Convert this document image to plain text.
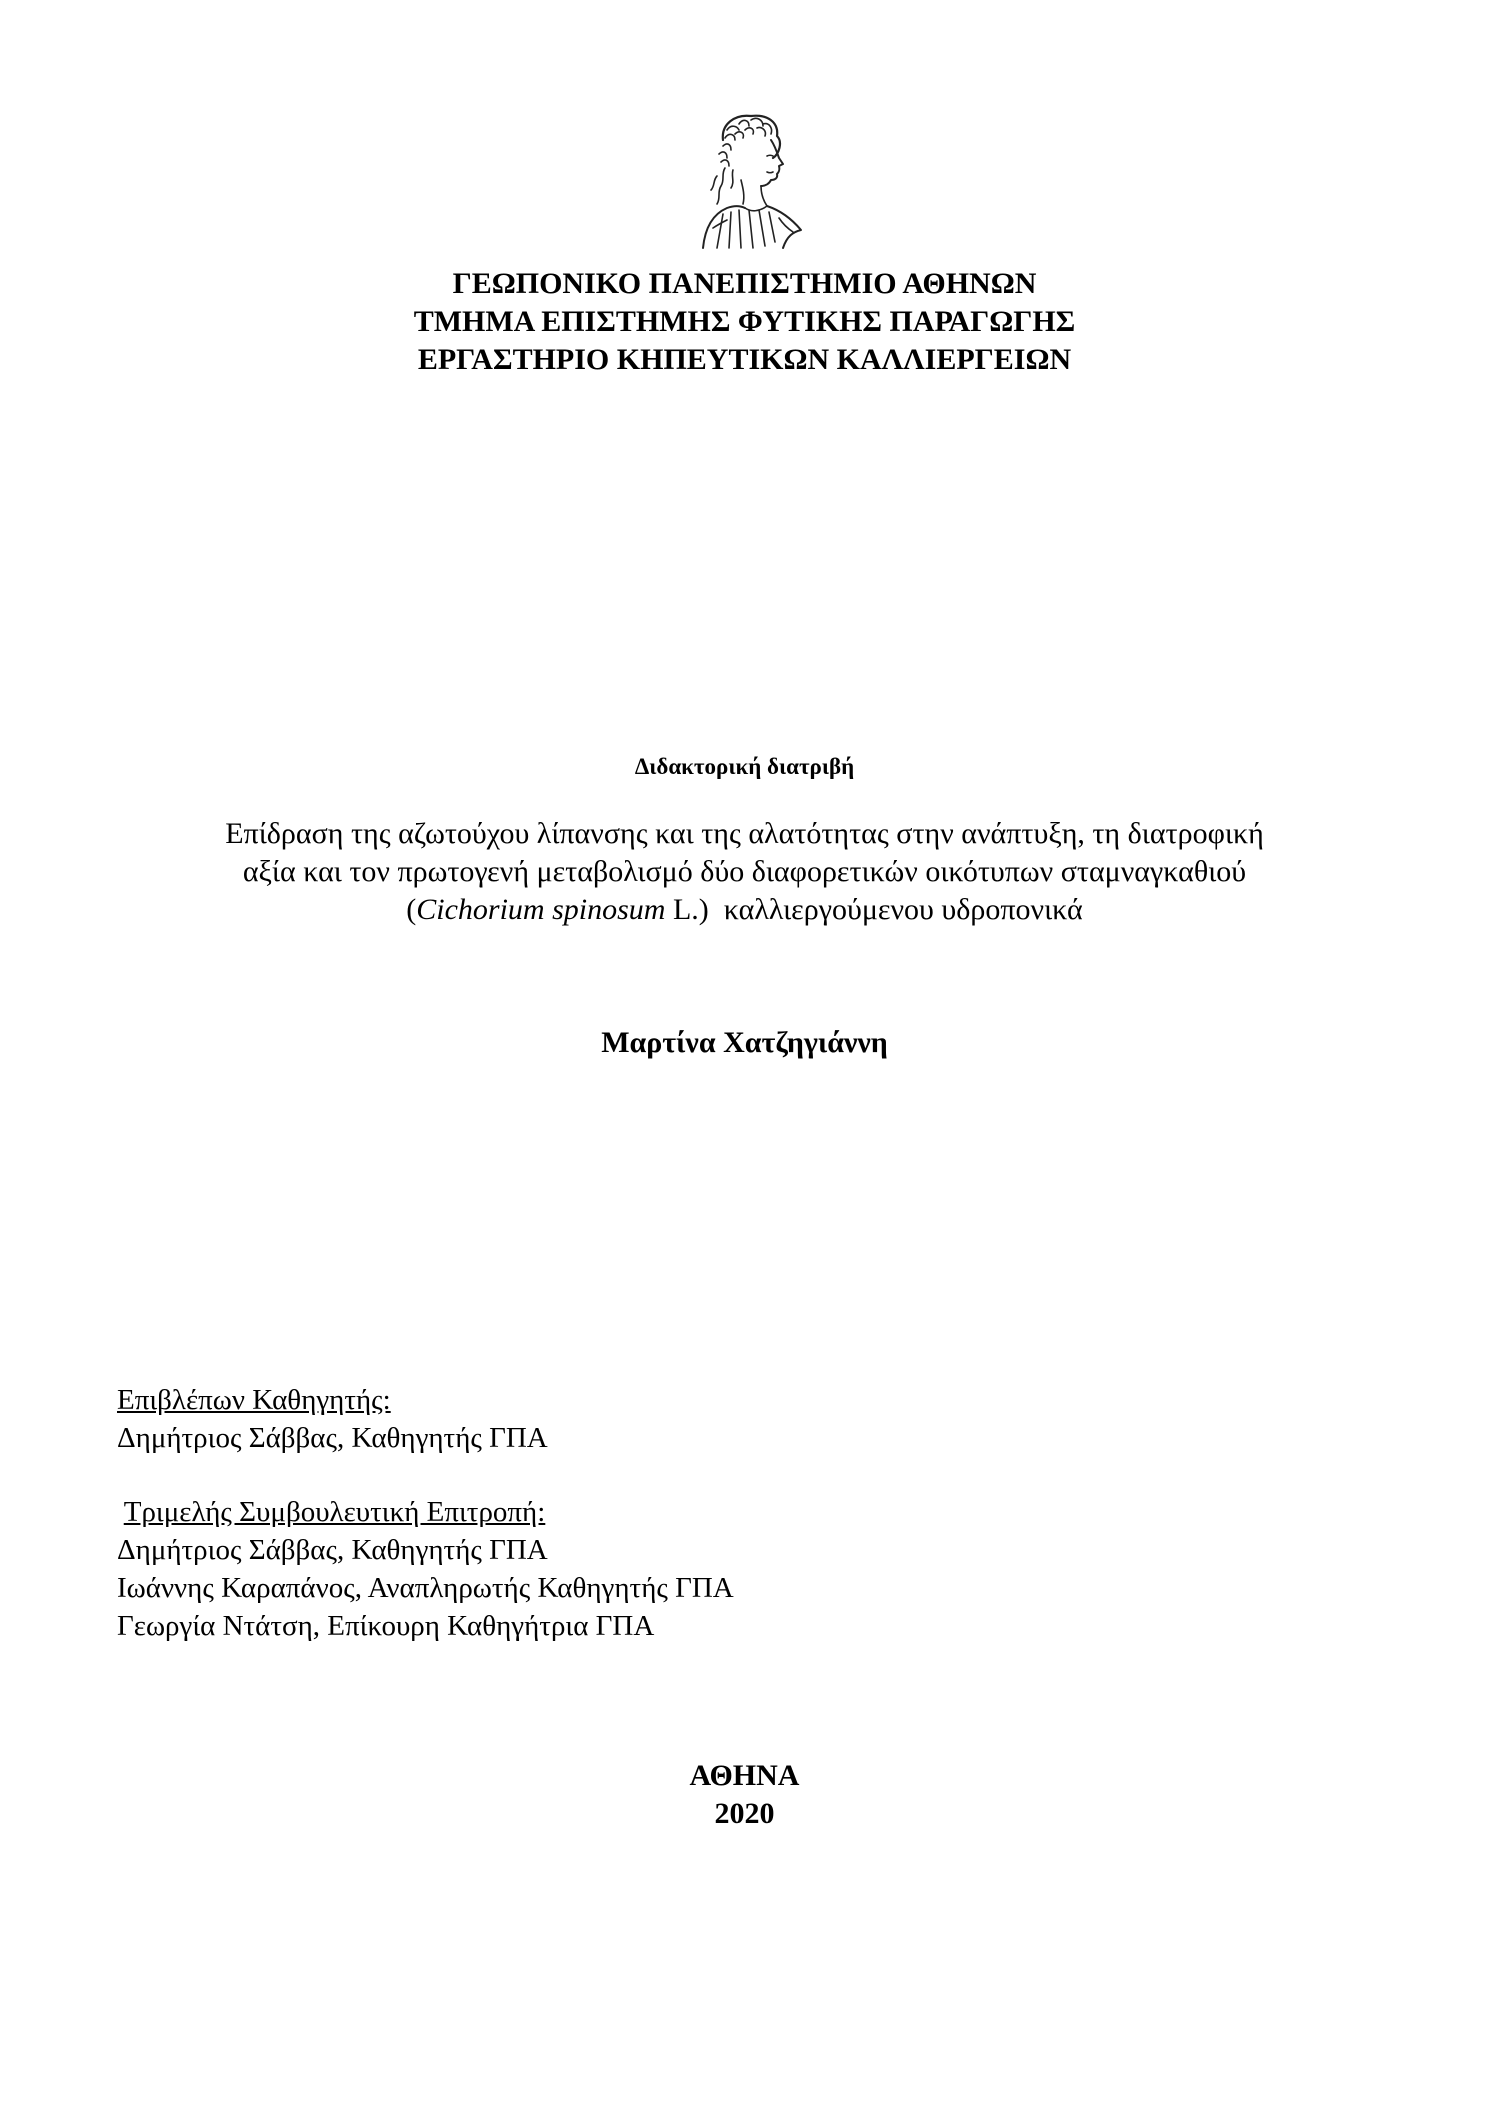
ΓΕΩΠΟΝΙΚΟ ΠΑΝΕΠΙΣΤΗΜΙΟ ΑΘΗΝΩΝ
ΤΜΗΜΑ ΕΠΙΣΤΗΜΗΣ ΦΥΤΙΚΗΣ ΠΑΡΑΓΩΓΗΣ
ΕΡΓΑΣΤΗΡΙΟ ΚΗΠΕΥΤΙΚΩΝ ΚΑΛΛΙΕΡΓΕΙΩΝ
Διδακτορική διατριβή
Επίδραση της αζωτούχου λίπανσης και της αλατότητας στην ανάπτυξη, τη διατροφική
αξία και τον πρωτογενή μεταβολισμό δύο διαφορετικών οικότυπων σταμναγκαθιού
(Cichorium spinosum L.)  καλλιεργούμενου υδροπονικά
Μαρτίνα Χατζηγιάννη
Επιβλέπων Καθηγητής:
Δημήτριος Σάββας, Καθηγητής ΓΠΑ
Τριμελής Συμβουλευτική Επιτροπή:
Δημήτριος Σάββας, Καθηγητής ΓΠΑ
Ιωάννης Καραπάνος, Αναπληρωτής Καθηγητής ΓΠΑ
Γεωργία Ντάτση, Επίκουρη Καθηγήτρια ΓΠΑ
ΑΘΗΝΑ
2020
